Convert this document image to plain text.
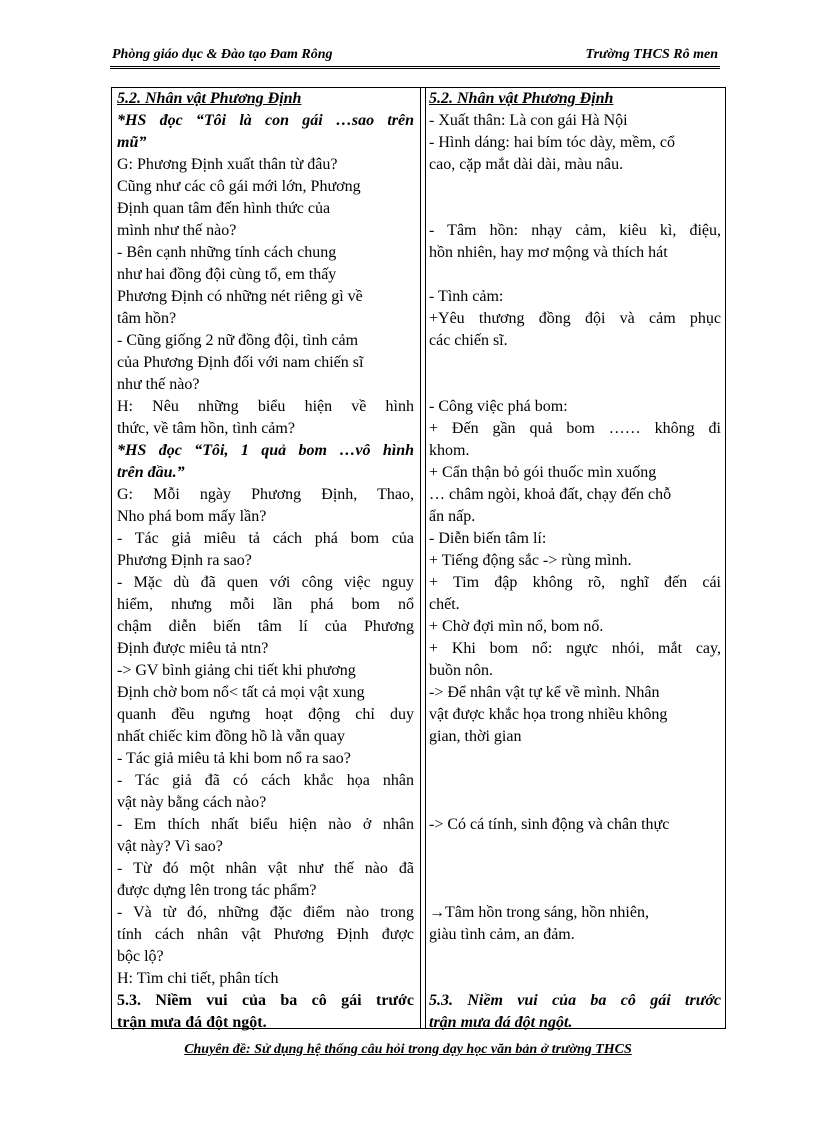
Phòng giáo dục & Đào tạo Đam Rông	Trường THCS Rô men
5.2. Nhân vật Phương Định
*HS đọc “Tôi là con gái …sao trên
mũ”
G: Phương Định xuất thân từ đâu?
Cũng như các cô gái mới lớn, Phương
Định quan tâm đến hình thức của
mình như thế nào?
- Bên cạnh những tính cách chung
như hai đồng đội cùng tổ, em thấy
Phương Định có những nét riêng gì về
tâm hồn?
- Cũng giống 2 nữ đồng đội, tình cảm
của Phương Định đối với nam chiến sĩ
như thế nào?
H: Nêu những biểu hiện về hình
thức, về tâm hồn, tình cảm?
*HS đọc “Tôi, 1 quả bom …vô hình
trên đầu.”
G: Mỗi ngày Phương Định, Thao,
Nho phá bom mấy lần?
- Tác giả miêu tả cách phá bom của
Phương Định ra sao?
- Mặc dù đã quen với công việc nguy
hiểm, nhưng mỗi lần phá bom nổ
chậm diễn biến tâm lí của Phương
Định được miêu tả ntn?
-> GV bình giảng chi tiết khi phương
Định chờ bom nổ< tất cả mọi vật xung
quanh đều ngưng hoạt động chỉ duy
nhất chiếc kim đồng hồ là vẫn quay
- Tác giả miêu tả khi bom nổ ra sao?
- Tác giả đã có cách khắc họa nhân
vật này bằng cách nào?
- Em thích nhất biểu hiện nào ở nhân
vật này? Vì sao?
- Từ đó một nhân vật như thế nào đã
được dựng lên trong tác phẩm?
- Và từ đó, những đặc điểm nào trong
tính cách nhân vật Phương Định được
bộc lộ?
H: Tìm chi tiết, phân tích
5.3. Niềm vui của ba cô gái trước
trận mưa đá đột ngột.
5.2. Nhân vật Phương Định
- Xuất thân: Là con gái Hà Nội
- Hình dáng: hai bím tóc dày, mềm, cổ
cao, cặp mắt dài dài, màu nâu.
- Tâm hồn: nhạy cảm, kiêu kì, điệu,
hồn nhiên, hay mơ mộng và thích hát
- Tình cảm:
+Yêu thương đồng đội và cảm phục
các chiến sĩ.
- Công việc phá bom:
+ Đến gần quả bom …… không đi
khom.
+ Cẩn thận bỏ gói thuốc mìn xuống
… châm ngòi, khoả đất, chạy đến chỗ
ẩn nấp.
- Diễn biến tâm lí:
+ Tiếng động sắc -> rùng mình.
+ Tim đập không rõ, nghĩ đến cái
chết.
+ Chờ đợi mìn nổ, bom nổ.
+ Khi bom nổ: ngực nhói, mắt cay,
buồn nôn.
-> Để nhân vật tự kể về mình. Nhân
vật được khắc họa trong nhiều không
gian, thời gian
-> Có cá tính, sinh động và chân thực
→Tâm hồn trong sáng, hồn nhiên,
giàu tình cảm, an đảm.
5.3. Niềm vui của ba cô gái trước
trận mưa đá đột ngột.
Chuyên đề: Sử dụng hệ thống câu hỏi trong dạy học văn bản ở trường THCS
